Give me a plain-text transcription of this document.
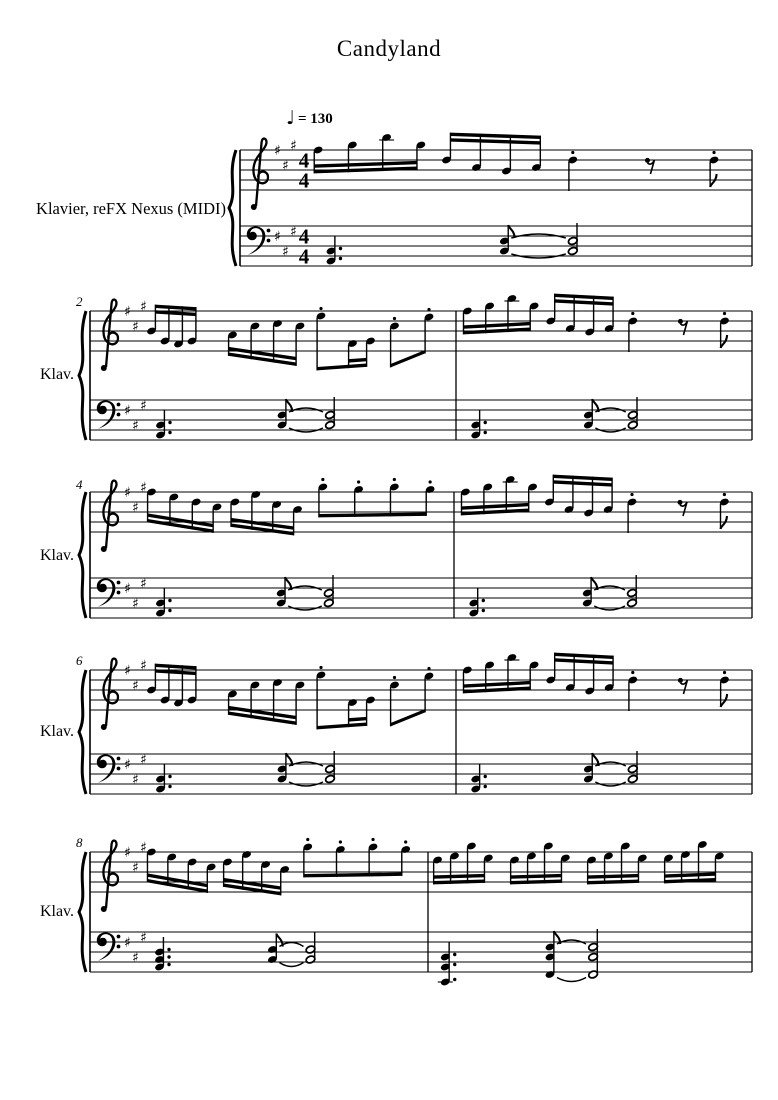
♯
♯
♯
♯
♯
♯
4
4
4
4
♯
♯
♯
♯
♯
♯
♯
♯
♯
♯
♯
♯
♯
♯
♯
♯
♯
♯
♯
♯
♯
♯
♯
♯
Candyland
♩ = 130
Klavier, reFX Nexus (MIDI)
Klav.
Klav.
Klav.
Klav.
2
4
6
8
